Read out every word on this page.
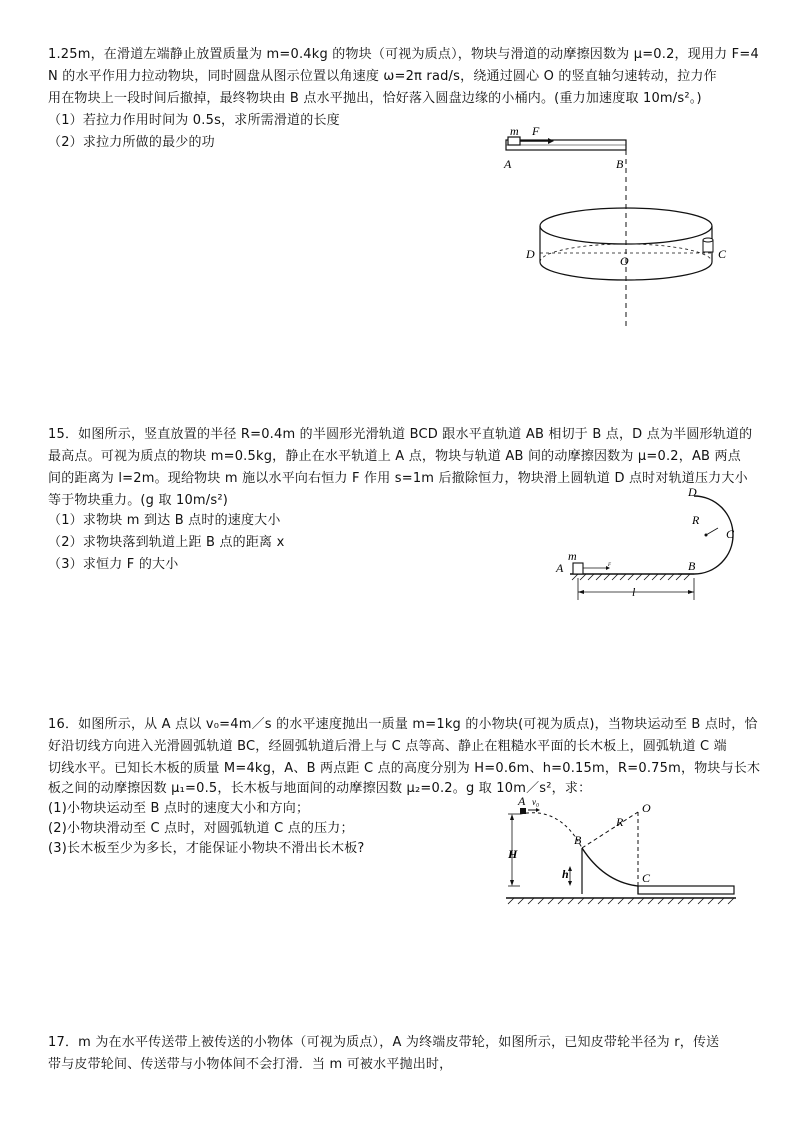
1.25m，在滑道左端静止放置质量为 m=0.4kg 的物块（可视为质点），物块与滑道的动摩擦因数为 μ=0.2，现用力 F=4
N 的水平作用力拉动物块，同时圆盘从图示位置以角速度 ω=2π rad/s，绕通过圆心 O 的竖直轴匀速转动，拉力作
用在物块上一段时间后撤掉，最终物块由 B 点水平抛出，恰好落入圆盘边缘的小桶内。(重力加速度取 10m/s²。)
（1）若拉力作用时间为 0.5s，求所需滑道的长度
（2）求拉力所做的最少的功
m F
A	B
D	O	C
15．如图所示，竖直放置的半径 R=0.4m 的半圆形光滑轨道 BCD 跟水平直轨道 AB 相切于 B 点，D 点为半圆形轨道的
最高点。可视为质点的物块 m=0.5kg，静止在水平轨道上 A 点，物块与轨道 AB 间的动摩擦因数为 μ=0.2，AB 两点
间的距离为 l=2m。现给物块 m 施以水平向右恒力 F 作用 s=1m 后撤除恒力，物块滑上圆轨道 D 点时对轨道压力大小
等于物块重力。(g 取 10m/s²)
（1）求物块 m 到达 B 点时的速度大小
（2）求物块落到轨道上距 B 点的距离 x
（3）求恒力 F 的大小
R
D
C
m
F
A	B
l
16．如图所示，从 A 点以 v₀=4m／s 的水平速度抛出一质量 m=1kg 的小物块(可视为质点)，当物块运动至 B 点时，恰
好沿切线方向进入光滑圆弧轨道 BC，经圆弧轨道后滑上与 C 点等高、静止在粗糙水平面的长木板上，圆弧轨道 C 端
切线水平。已知长木板的质量 M=4kg，A、B 两点距 C 点的高度分别为 H=0.6m、h=0.15m，R=0.75m，物块与长木
板之间的动摩擦因数 μ₁=0.5，长木板与地面间的动摩擦因数 μ₂=0.2。g 取 10m／s²，求：
(1)小物块运动至 B 点时的速度大小和方向；
(2)小物块滑动至 C 点时，对圆弧轨道 C 点的压力；
(3)长木板至少为多长，才能保证小物块不滑出长木板?
O
R
B
C
A v₀
H
h
17．m 为在水平传送带上被传送的小物体（可视为质点），A 为终端皮带轮，如图所示，已知皮带轮半径为 r，传送
带与皮带轮间、传送带与小物体间不会打滑．当 m 可被水平抛出时，
